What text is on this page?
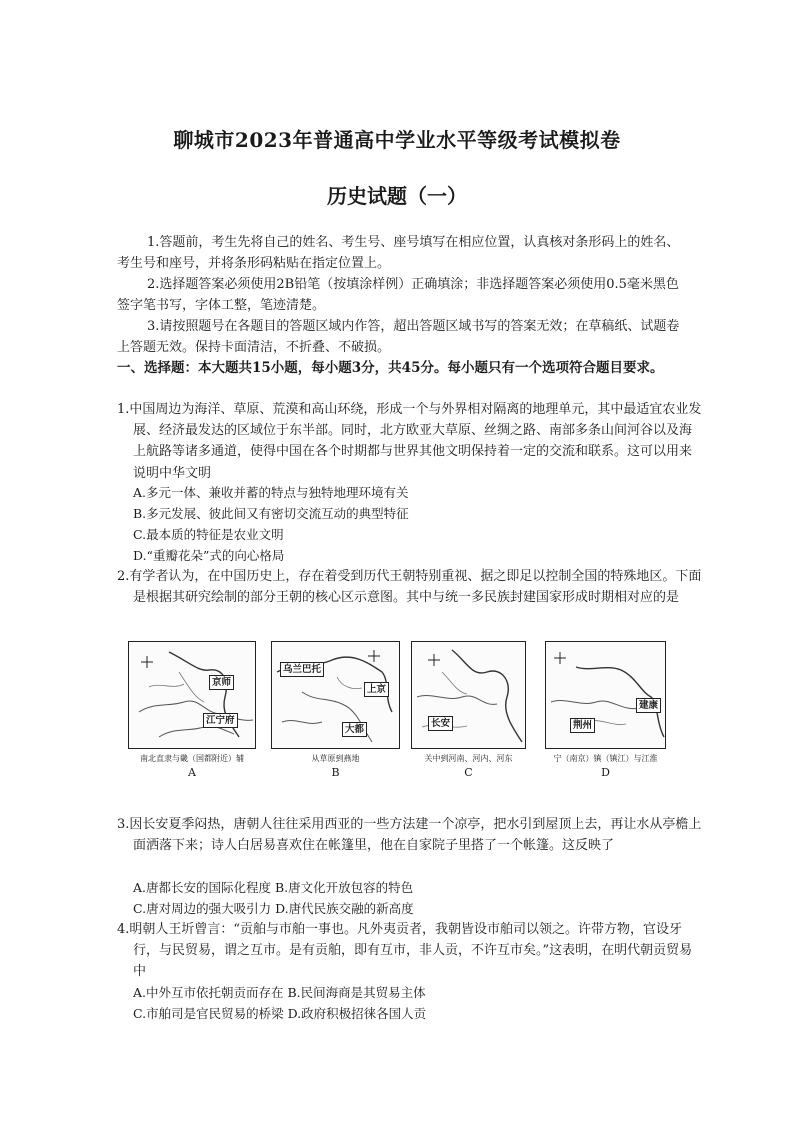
聊城市2023年普通高中学业水平等级考试模拟卷
历史试题（一）

1.答题前，考生先将自己的姓名、考生号、座号填写在相应位置，认真核对条形码上的姓名、考生号和座号，并将条形码粘贴在指定位置上。

2.选择题答案必须使用2B铅笔（按填涂样例）正确填涂；非选择题答案必须使用0.5毫米黑色签字笔书写，字体工整，笔迹清楚。

3.请按照题号在各题目的答题区域内作答，超出答题区域书写的答案无效；在草稿纸、试题卷上答题无效。保持卡面清洁，不折叠、不破损。

一、选择题：本大题共15小题，每小题3分，共45分。每小题只有一个选项符合题目要求。

1.中国周边为海洋、草原、荒漠和高山环绕，形成一个与外界相对隔离的地理单元，其中最适宜农业发展、经济最发达的区域位于东半部。同时，北方欧亚大草原、丝绸之路、南部多条山间河谷以及海上航路等诸多通道，使得中国在各个时期都与世界其他文明保持着一定的交流和联系。这可以用来说明中华文明

A.多元一体、兼收并蓄的特点与独特地理环境有关

B.多元发展、彼此间又有密切交流互动的典型特征

C.最本质的特征是农业文明

D.“重瓣花朵”式的向心格局

2.有学者认为，在中国历史上，存在着受到历代王朝特别重视、据之即足以控制全国的特殊地区。下面是根据其研究绘制的部分王朝的核心区示意图。其中与统一多民族封建国家形成时期相对应的是

京师
江宁府
乌兰巴托
上京
大都
长安
建康
荆州
南北直隶与畿（国都附近）辅	从草原到燕地	关中到河南、河内、河东	宁（南京）镇（镇江）与江淮
A	B	C	D

3.因长安夏季闷热，唐朝人往往采用西亚的一些方法建一个凉亭，把水引到屋顶上去，再让水从亭檐上面洒落下来；诗人白居易喜欢住在帐篷里，他在自家院子里搭了一个帐篷。这反映了

A.唐都长安的国际化程度 B.唐文化开放包容的特色

C.唐对周边的强大吸引力 D.唐代民族交融的新高度

4.明朝人王圻曾言：“贡舶与市舶一事也。凡外夷贡者，我朝皆设市舶司以领之。许带方物，官设牙行，与民贸易，谓之互市。是有贡舶，即有互市，非人贡，不许互市矣。”这表明，在明代朝贡贸易中

A.中外互市依托朝贡而存在 B.民间海商是其贸易主体

C.市舶司是官民贸易的桥梁 D.政府积极招徕各国人贡
